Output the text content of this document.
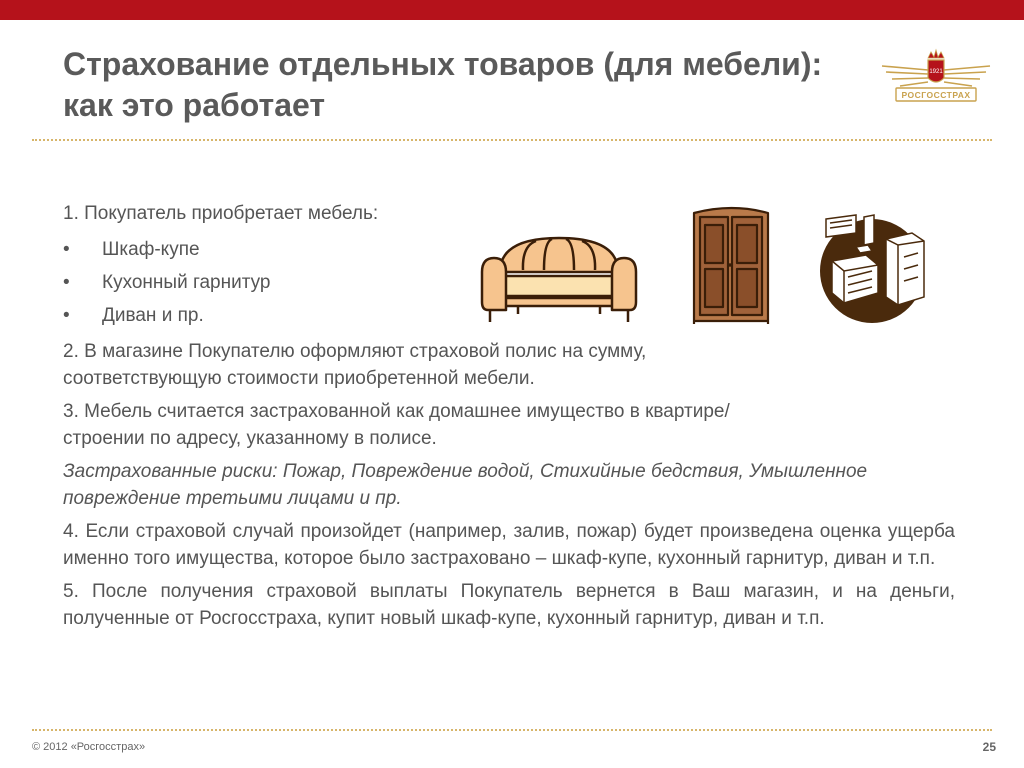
Страхование отдельных товаров (для мебели): как это работает
1921
РОСГОССТРАХ

1. Покупатель приобретает мебель:

• Шкаф-купе
• Кухонный гарнитур
• Диван и пр.

2. В магазине Покупателю оформляют страховой полис на сумму, соответствующую стоимости приобретенной мебели.

3. Мебель считается застрахованной как домашнее имущество в квартире/строении по адресу, указанному в полисе.

Застрахованные риски: Пожар, Повреждение водой, Стихийные бедствия, Умышленное повреждение третьими лицами и пр.

4. Если страховой случай произойдет (например, залив, пожар) будет произведена оценка ущерба именно того имущества, которое было застраховано – шкаф-купе, кухонный гарнитур, диван и т.п.

5. После получения страховой выплаты Покупатель вернется в Ваш магазин, и на деньги, полученные от Росгосстраха, купит новый шкаф-купе, кухонный гарнитур, диван и т.п.

© 2012 «Росгосстрах»	25
